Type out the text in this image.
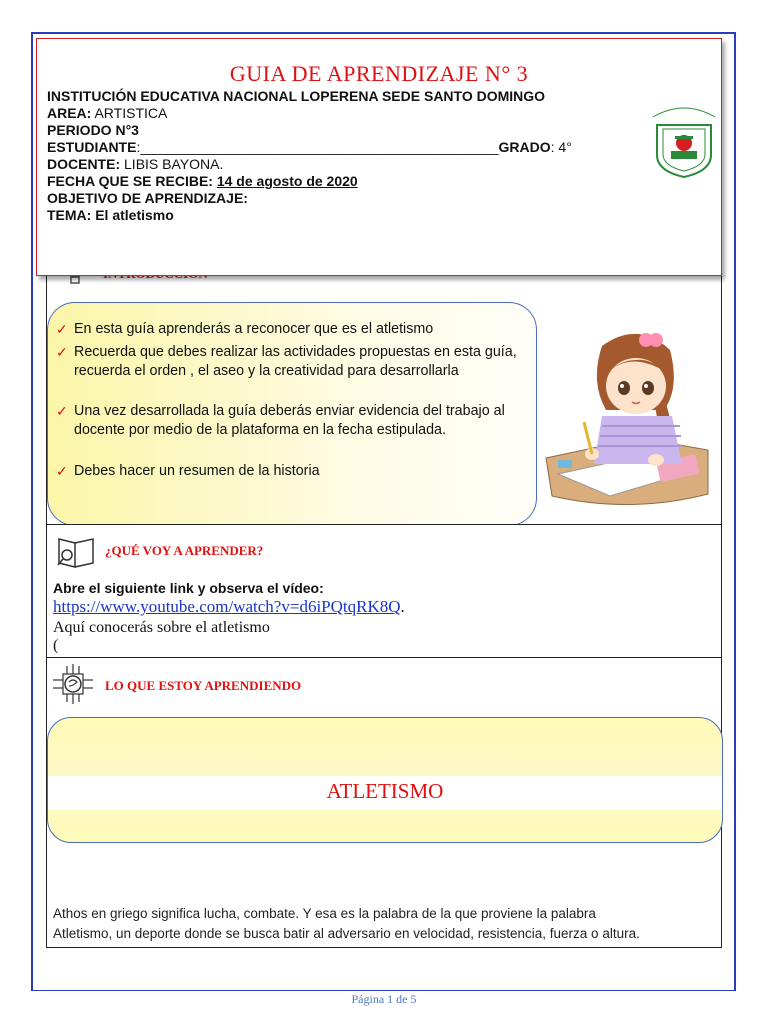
GUIA DE APRENDIZAJE N° 3
INSTITUCIÓN EDUCATIVA NACIONAL LOPERENA SEDE SANTO DOMINGO
AREA: ARTISTICA
PERIODO N°3
ESTUDIANTE:______________________________________________GRADO: 4°
DOCENTE: LIBIS BAYONA.
FECHA QUE SE RECIBE: 14 de agosto de 2020
OBJETIVO DE APRENDIZAJE:
TEMA: El atletismo
✓ En esta guía aprenderás a reconocer que es el atletismo
✓ Recuerda que debes realizar las actividades propuestas en esta guía, recuerda el orden , el aseo y la creatividad para desarrollarla
✓ Una vez desarrollada la guía deberás enviar evidencia del trabajo al docente por medio de la plataforma en la fecha estipulada.
✓ Debes hacer un resumen de la historia
¿QUÉ VOY A APRENDER?
Abre el siguiente link y observa el vídeo:
https://www.youtube.com/watch?v=d6iPQtqRK8Q.
Aquí conocerás sobre el atletismo
(
LO QUE ESTOY APRENDIENDO
Athos en griego significa lucha, combate. Y esa es la palabra de la que proviene la palabra
Atletismo, un deporte donde se busca batir al adversario en velocidad, resistencia, fuerza o altura.
ATLETISMO
Página 1 de 5
